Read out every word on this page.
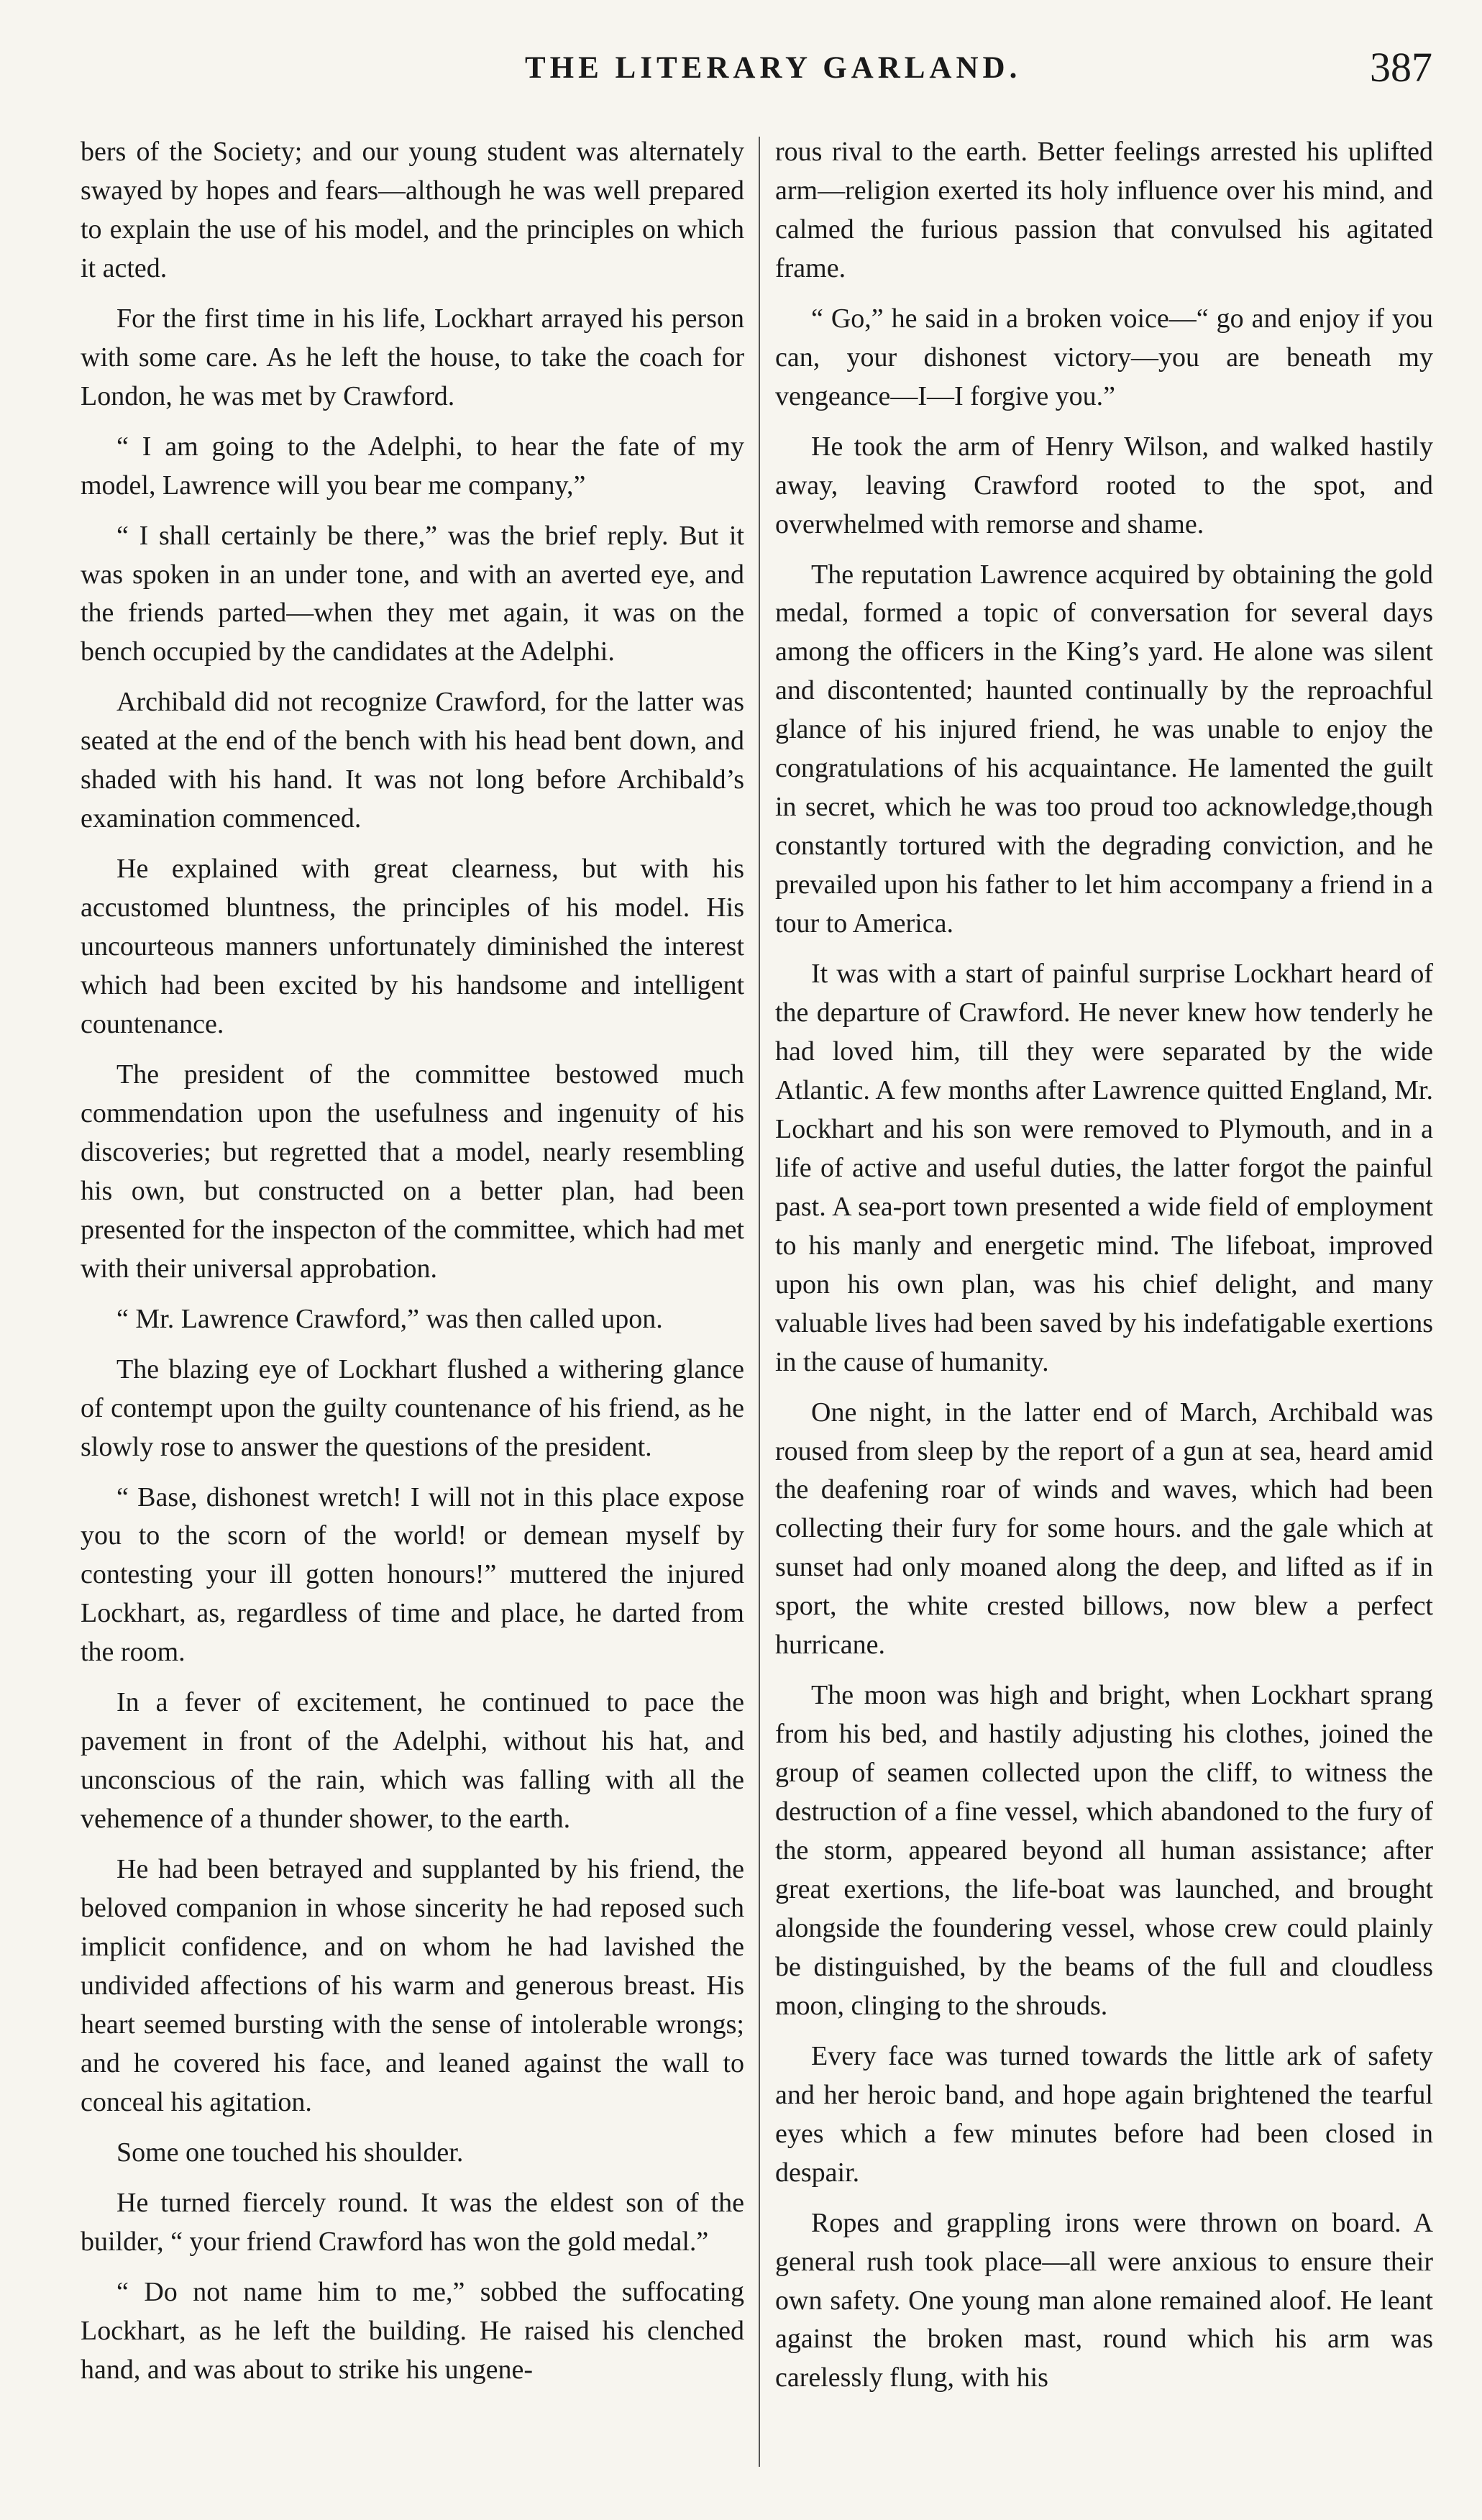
THE LITERARY GARLAND.	387

bers of the Society; and our young student was alternately swayed by hopes and fears—although he was well prepared to explain the use of his model, and the principles on which it acted.

For the first time in his life, Lockhart arrayed his person with some care. As he left the house, to take the coach for London, he was met by Crawford.

“ I am going to the Adelphi, to hear the fate of my model, Lawrence will you bear me company,”

“ I shall certainly be there,” was the brief reply. But it was spoken in an under tone, and with an averted eye, and the friends parted—when they met again, it was on the bench occupied by the candidates at the Adelphi.

Archibald did not recognize Crawford, for the latter was seated at the end of the bench with his head bent down, and shaded with his hand. It was not long before Archibald’s examination commenced.

He explained with great clearness, but with his accustomed bluntness, the principles of his model. His uncourteous manners unfortunately diminished the interest which had been excited by his handsome and intelligent countenance.

The president of the committee bestowed much commendation upon the usefulness and ingenuity of his discoveries; but regretted that a model, nearly resembling his own, but constructed on a better plan, had been presented for the inspecton of the committee, which had met with their universal approbation.

“ Mr. Lawrence Crawford,” was then called upon.

The blazing eye of Lockhart flushed a withering glance of contempt upon the guilty countenance of his friend, as he slowly rose to answer the questions of the president.

“ Base, dishonest wretch! I will not in this place expose you to the scorn of the world! or demean myself by contesting your ill gotten honours!” muttered the injured Lockhart, as, regardless of time and place, he darted from the room.

In a fever of excitement, he continued to pace the pavement in front of the Adelphi, without his hat, and unconscious of the rain, which was falling with all the vehemence of a thunder shower, to the earth.

He had been betrayed and supplanted by his friend, the beloved companion in whose sincerity he had reposed such implicit confidence, and on whom he had lavished the undivided affections of his warm and generous breast. His heart seemed bursting with the sense of intolerable wrongs; and he covered his face, and leaned against the wall to conceal his agitation.

Some one touched his shoulder.

He turned fiercely round. It was the eldest son of the builder, “ your friend Crawford has won the gold medal.”

“ Do not name him to me,” sobbed the suffocating Lockhart, as he left the building. He raised his clenched hand, and was about to strike his ungene-

rous rival to the earth. Better feelings arrested his uplifted arm—religion exerted its holy influence over his mind, and calmed the furious passion that convulsed his agitated frame.

“ Go,” he said in a broken voice—“ go and enjoy if you can, your dishonest victory—you are beneath my vengeance—I—I forgive you.”

He took the arm of Henry Wilson, and walked hastily away, leaving Crawford rooted to the spot, and overwhelmed with remorse and shame.

The reputation Lawrence acquired by obtaining the gold medal, formed a topic of conversation for several days among the officers in the King’s yard. He alone was silent and discontented; haunted continually by the reproachful glance of his injured friend, he was unable to enjoy the congratulations of his acquaintance. He lamented the guilt in secret, which he was too proud too acknowledge,though constantly tortured with the degrading conviction, and he prevailed upon his father to let him accompany a friend in a tour to America.

It was with a start of painful surprise Lockhart heard of the departure of Crawford. He never knew how tenderly he had loved him, till they were separated by the wide Atlantic. A few months after Lawrence quitted England, Mr. Lockhart and his son were removed to Plymouth, and in a life of active and useful duties, the latter forgot the painful past. A sea-port town presented a wide field of employment to his manly and energetic mind. The lifeboat, improved upon his own plan, was his chief delight, and many valuable lives had been saved by his indefatigable exertions in the cause of humanity.

One night, in the latter end of March, Archibald was roused from sleep by the report of a gun at sea, heard amid the deafening roar of winds and waves, which had been collecting their fury for some hours. and the gale which at sunset had only moaned along the deep, and lifted as if in sport, the white crested billows, now blew a perfect hurricane.

The moon was high and bright, when Lockhart sprang from his bed, and hastily adjusting his clothes, joined the group of seamen collected upon the cliff, to witness the destruction of a fine vessel, which abandoned to the fury of the storm, appeared beyond all human assistance; after great exertions, the life-boat was launched, and brought alongside the foundering vessel, whose crew could plainly be distinguished, by the beams of the full and cloudless moon, clinging to the shrouds.

Every face was turned towards the little ark of safety and her heroic band, and hope again brightened the tearful eyes which a few minutes before had been closed in despair.

Ropes and grappling irons were thrown on board. A general rush took place—all were anxious to ensure their own safety. One young man alone remained aloof. He leant against the broken mast, round which his arm was carelessly flung, with his
